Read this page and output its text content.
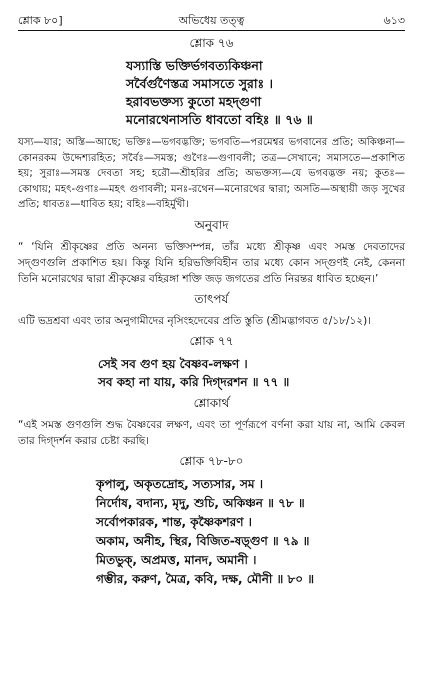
শ্লোক ৮০]	অভিধেয় তত্ত্ব	৬১৩
শ্লোক ৭৬
যস্যাস্তি ভক্তির্ভগবত্যকিঞ্চনা
সর্বৈর্গুণৈস্তত্র সমাসতে সুরাঃ ।
হরাবভক্তস্য কুতো মহদ্গুণা
মনোরথেনাসতি ধাবতো বহিঃ ॥ ৭৬ ॥
যস্য—যার; অস্তি—আছে; ভক্তিঃ—ভগবদ্ভক্তি; ভগবতি—পরমেশ্বর ভগবানের প্রতি; অকিঞ্চনা—কোনরকম উদ্দেশ্যরহিত; সর্বৈঃ—সমস্ত; গুণৈঃ—গুণাবলী; তত্র—সেখানে; সমাসতে—প্রকাশিত হয়; সুরাঃ—সমস্ত দেবতা সহ; হরৌ—শ্রীহরির প্রতি; অভক্তস্য—যে ভগবদ্ভক্ত নয়; কুতঃ—কোথায়; মহৎ-গুণাঃ—মহৎ গুণাবলী; মনঃ-রথেন—মনোরথের দ্বারা; অসতি—অস্থায়ী জড় সুখের প্রতি; ধাবতঃ—ধাবিত হয়; বহিঃ—বহির্মুখী।
অনুবাদ

“ ‘যিনি শ্রীকৃষ্ণের প্রতি অনন্য ভক্তিসম্পন্ন, তাঁর মধ্যে শ্রীকৃষ্ণ এবং সমস্ত দেবতাদের সদ্‌গুণগুলি প্রকাশিত হয়। কিন্তু যিনি হরিভক্তিবিহীন তার মধ্যে কোন সদ্‌গুণই নেই, কেননা তিনি মনোরথের দ্বারা শ্রীকৃষ্ণের বহিরঙ্গা শক্তি জড় জগতের প্রতি নিরন্তর ধাবিত হচ্ছেন।’

তাৎপর্য

এটি ভদ্রশ্রবা এবং তার অনুগামীদের নৃসিংহদেবের প্রতি স্তুতি (শ্রীমদ্ভাগবত ৫/১৮/১২)।

শ্লোক ৭৭
সেই সব গুণ হয় বৈষ্ণব-লক্ষণ ।
সব কহা না যায়, করি দিগ্‌দরশন ॥ ৭৭ ॥
শ্লোকার্থ

“এই সমস্ত গুণগুলি শুদ্ধ বৈষ্ণবের লক্ষণ, এবং তা পূর্ণরূপে বর্ণনা করা যায় না, আমি কেবল তার দিগ্‌দর্শন করার চেষ্টা করছি।

শ্লোক ৭৮-৮০
কৃপালু, অকৃতদ্রোহ, সত্যসার, সম ।
নির্দোষ, বদান্য, মৃদু, শুচি, অকিঞ্চন ॥ ৭৮ ॥
সর্বোপকারক, শান্ত, কৃষ্ণৈকশরণ ।
অকাম, অনীহ, স্থির, বিজিত-ষড়্‌গুণ ॥ ৭৯ ॥
মিতভুক্, অপ্রমত্ত, মানদ, অমানী ।
গম্ভীর, করুণ, মৈত্র, কবি, দক্ষ, মৌনী ॥ ৮০ ॥
